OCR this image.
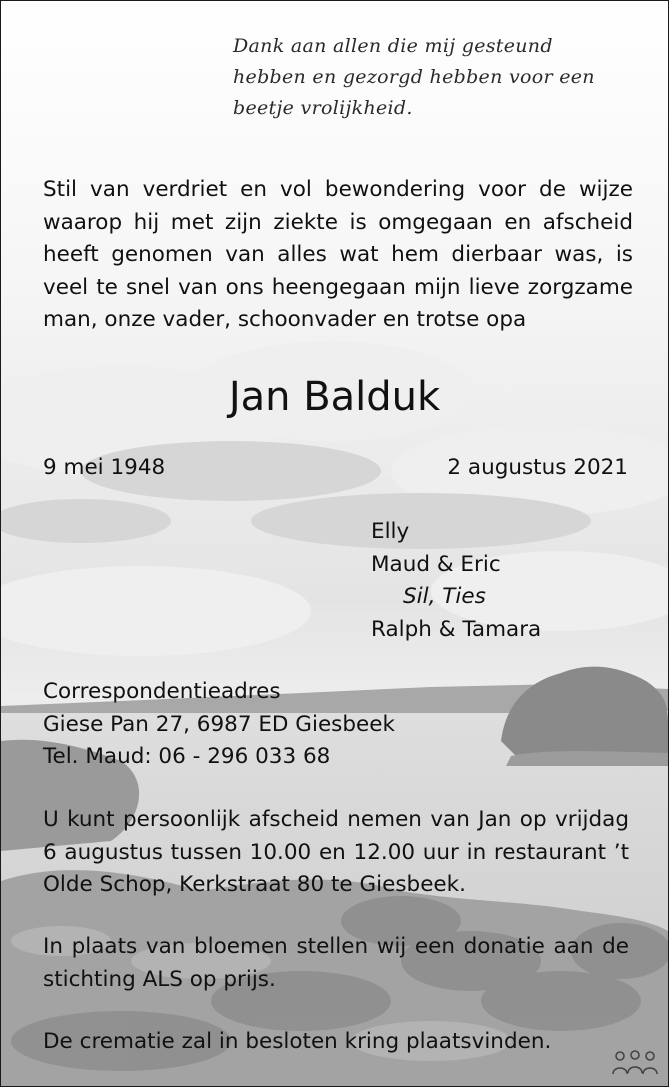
Dank aan allen die mij gesteund
hebben en gezorgd hebben voor een
beetje vrolijkheid.

Stil van verdriet en vol bewondering voor de wijze waarop hij met zijn ziekte is omgegaan en afscheid heeft genomen van alles wat hem dierbaar was, is veel te snel van ons heengegaan mijn lieve zorgzame man, onze vader, schoonvader en trotse opa

Jan Balduk
9 mei 1948	2 augustus 2021
Elly
Maud & Eric
Sil, Ties
Ralph & Tamara
Correspondentieadres
Giese Pan 27, 6987 ED Giesbeek
Tel. Maud: 06 - 296 033 68

U kunt persoonlijk afscheid nemen van Jan op vrijdag 6 augustus tussen 10.00 en 12.00 uur in restaurant ’t Olde Schop, Kerkstraat 80 te Giesbeek.

In plaats van bloemen stellen wij een donatie aan de stichting ALS op prijs.

De crematie zal in besloten kring plaatsvinden.
